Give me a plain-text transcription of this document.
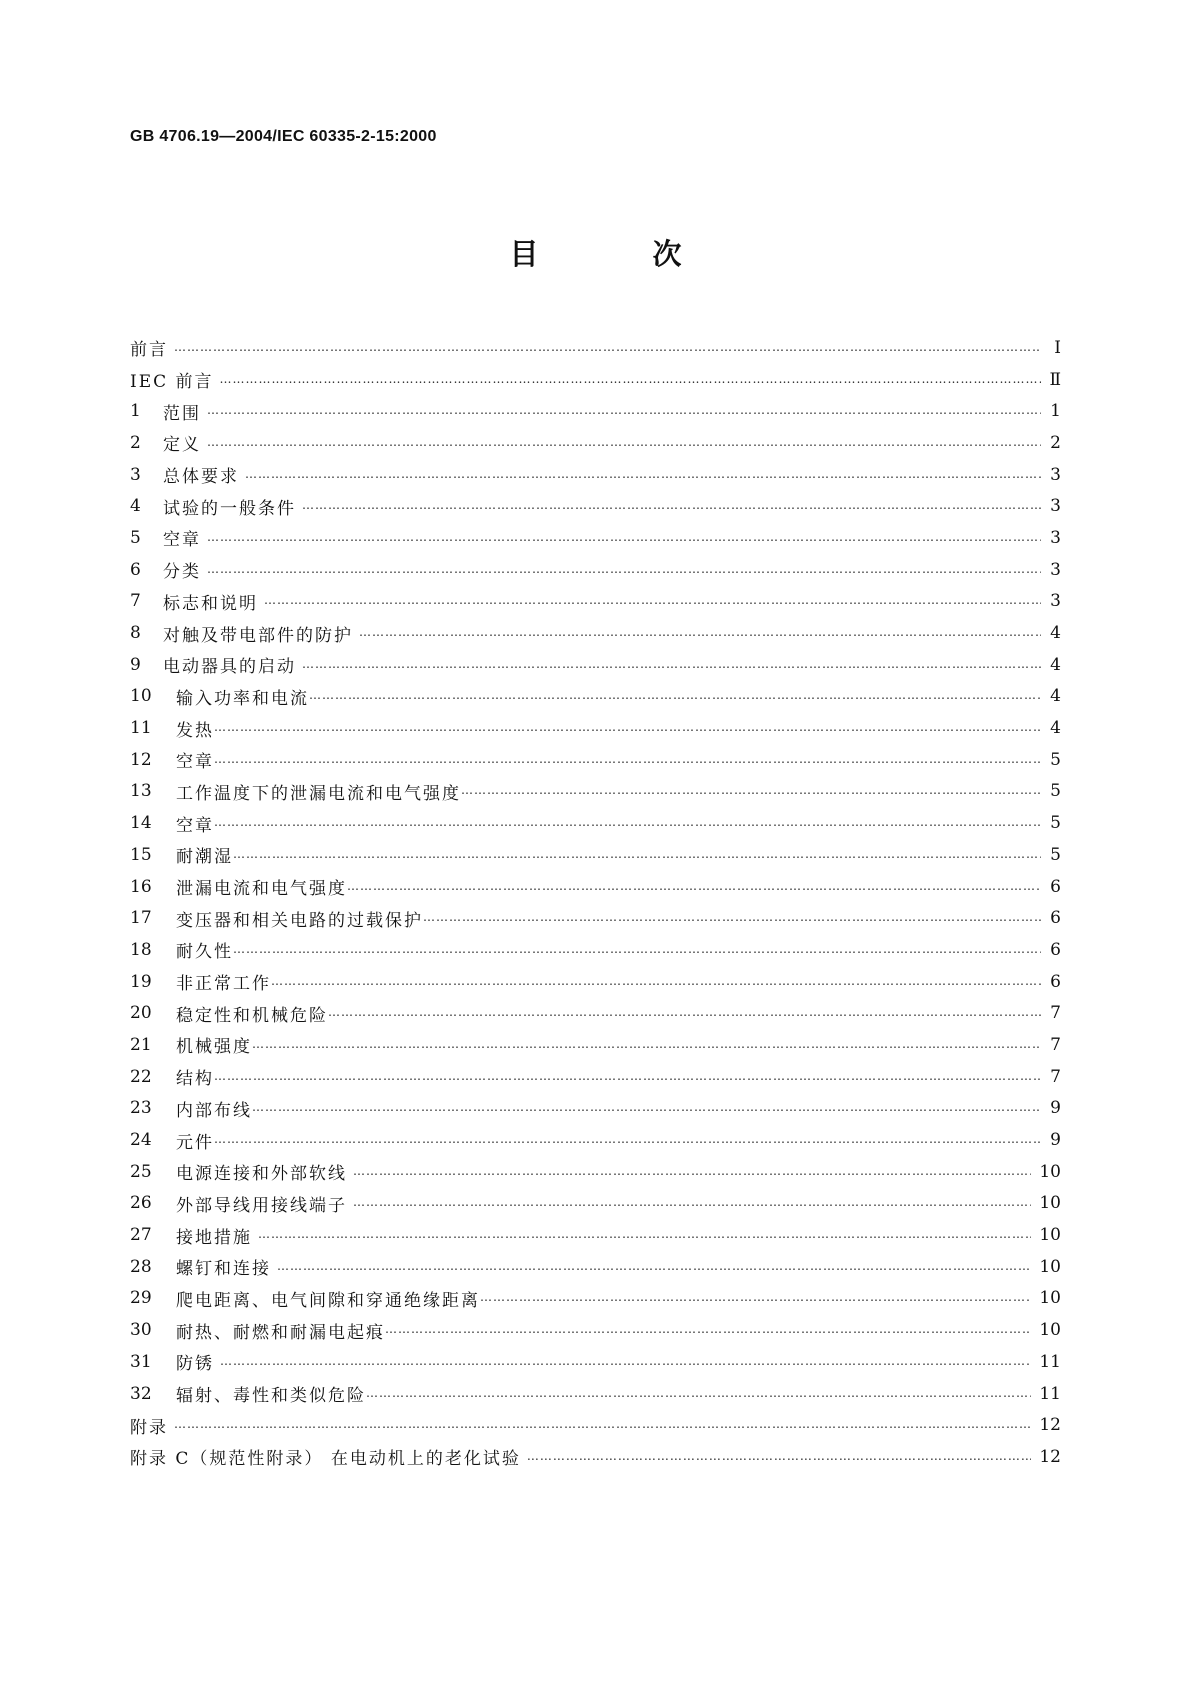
GB 4706.19—2004/IEC 60335-2-15:2000
目 次
前言 …………………………………………………………………………………………………………………………………………………………………………………………………………………………………………	Ⅰ
IEC 前言 …………………………………………………………………………………………………………………………………………………………………………………………………………………………………………	Ⅱ
1	范围 …………………………………………………………………………………………………………………………………………………………………………………………………………………………………………	1
2	定义 …………………………………………………………………………………………………………………………………………………………………………………………………………………………………………	2
3	总体要求 …………………………………………………………………………………………………………………………………………………………………………………………………………………………………………	3
4	试验的一般条件 …………………………………………………………………………………………………………………………………………………………………………………………………………………………………………	3
5	空章 …………………………………………………………………………………………………………………………………………………………………………………………………………………………………………	3
6	分类 …………………………………………………………………………………………………………………………………………………………………………………………………………………………………………	3
7	标志和说明 …………………………………………………………………………………………………………………………………………………………………………………………………………………………………………	3
8	对触及带电部件的防护 …………………………………………………………………………………………………………………………………………………………………………………………………………………………………………	4
9	电动器具的启动 …………………………………………………………………………………………………………………………………………………………………………………………………………………………………………	4
10	输入功率和电流 …………………………………………………………………………………………………………………………………………………………………………………………………………………………………………	4
11	发热 …………………………………………………………………………………………………………………………………………………………………………………………………………………………………………	4
12	空章 …………………………………………………………………………………………………………………………………………………………………………………………………………………………………………	5
13	工作温度下的泄漏电流和电气强度 …………………………………………………………………………………………………………………………………………………………………………………………………………………………………………	5
14	空章 …………………………………………………………………………………………………………………………………………………………………………………………………………………………………………	5
15	耐潮湿 …………………………………………………………………………………………………………………………………………………………………………………………………………………………………………	5
16	泄漏电流和电气强度 …………………………………………………………………………………………………………………………………………………………………………………………………………………………………………	6
17	变压器和相关电路的过载保护 …………………………………………………………………………………………………………………………………………………………………………………………………………………………………………	6
18	耐久性 …………………………………………………………………………………………………………………………………………………………………………………………………………………………………………	6
19	非正常工作 …………………………………………………………………………………………………………………………………………………………………………………………………………………………………………	6
20	稳定性和机械危险 …………………………………………………………………………………………………………………………………………………………………………………………………………………………………………	7
21	机械强度 …………………………………………………………………………………………………………………………………………………………………………………………………………………………………………	7
22	结构 …………………………………………………………………………………………………………………………………………………………………………………………………………………………………………	7
23	内部布线 …………………………………………………………………………………………………………………………………………………………………………………………………………………………………………	9
24	元件 …………………………………………………………………………………………………………………………………………………………………………………………………………………………………………	9
25	电源连接和外部软线 …………………………………………………………………………………………………………………………………………………………………………………………………………………………………………	10
26	外部导线用接线端子 …………………………………………………………………………………………………………………………………………………………………………………………………………………………………………	10
27	接地措施 …………………………………………………………………………………………………………………………………………………………………………………………………………………………………………	10
28	螺钉和连接 …………………………………………………………………………………………………………………………………………………………………………………………………………………………………………	10
29	爬电距离、电气间隙和穿通绝缘距离 …………………………………………………………………………………………………………………………………………………………………………………………………………………………………………	10
30	耐热、耐燃和耐漏电起痕 …………………………………………………………………………………………………………………………………………………………………………………………………………………………………………	10
31	防锈 …………………………………………………………………………………………………………………………………………………………………………………………………………………………………………	11
32	辐射、毒性和类似危险 …………………………………………………………………………………………………………………………………………………………………………………………………………………………………………	11
附录 …………………………………………………………………………………………………………………………………………………………………………………………………………………………………………	12
附录 C（规范性附录） 在电动机上的老化试验 …………………………………………………………………………………………………………………………………………………………………………………………………………………………………………	12
